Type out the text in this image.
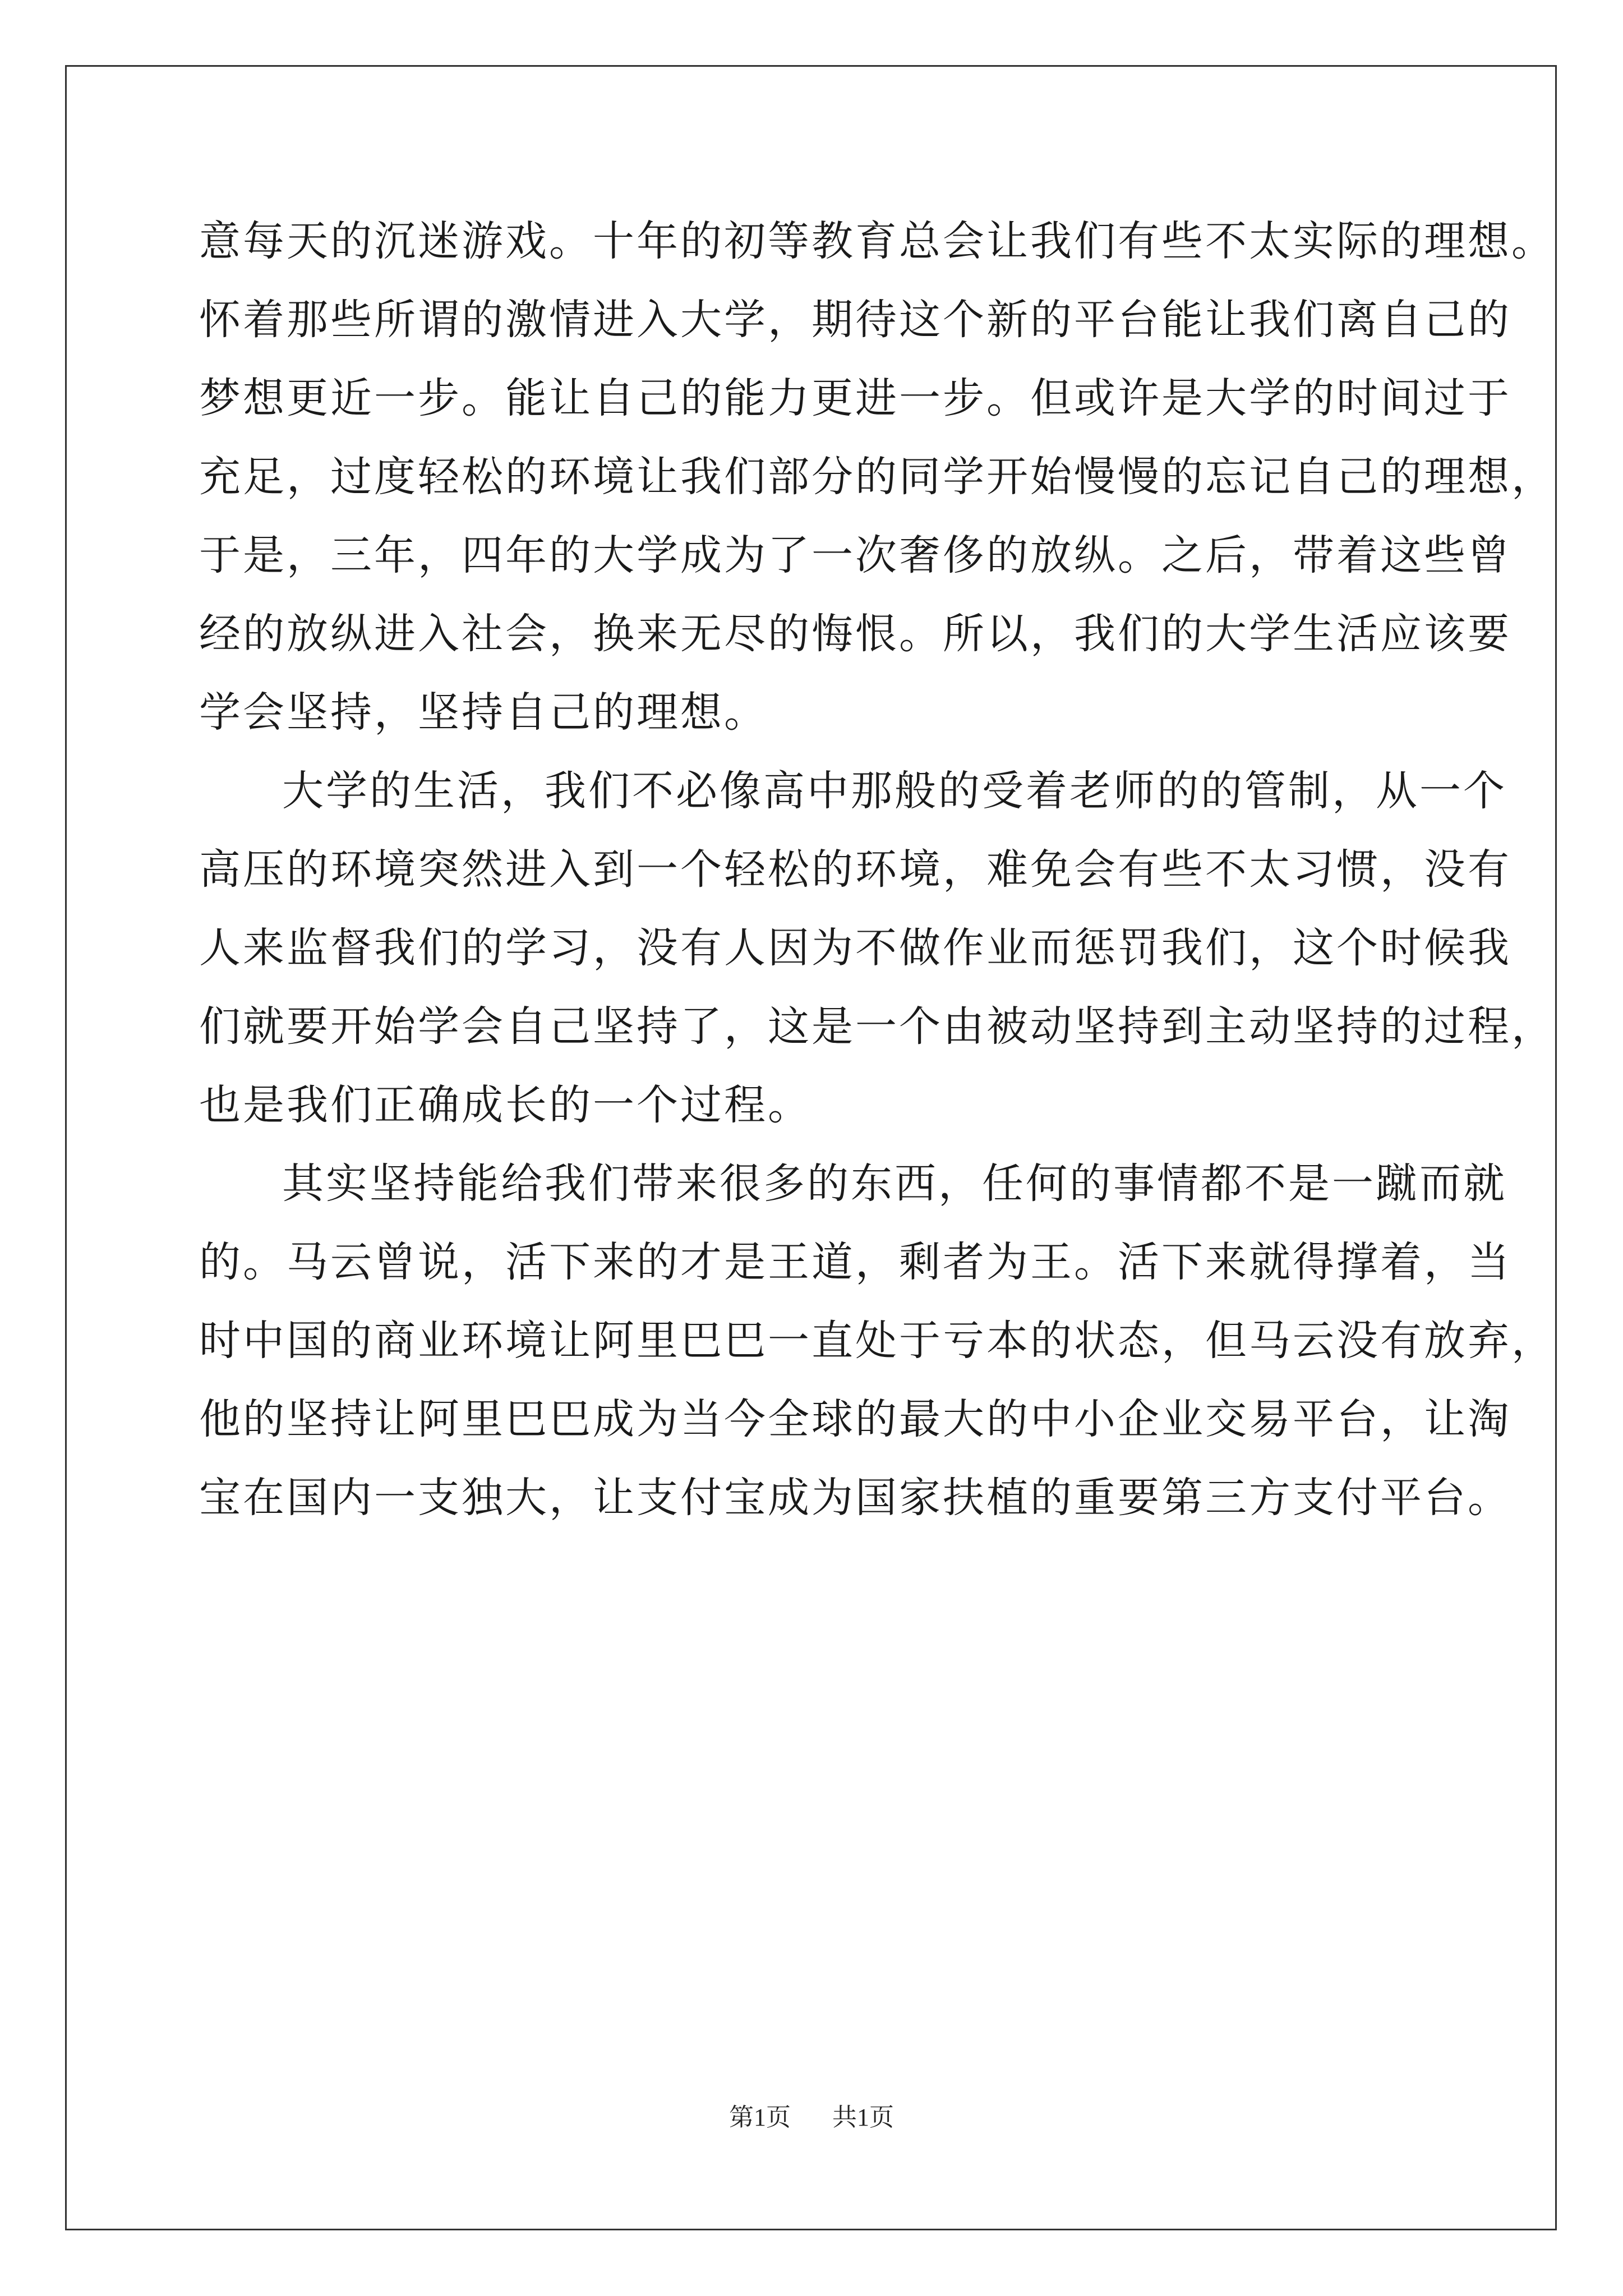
意每天的沉迷游戏。十年的初等教育总会让我们有些不太实际的理想。
怀着那些所谓的激情进入大学，期待这个新的平台能让我们离自己的
梦想更近一步。能让自己的能力更进一步。但或许是大学的时间过于
充足，过度轻松的环境让我们部分的同学开始慢慢的忘记自己的理想，
于是，三年，四年的大学成为了一次奢侈的放纵。之后，带着这些曾
经的放纵进入社会，换来无尽的悔恨。所以，我们的大学生活应该要
学会坚持，坚持自己的理想。
大学的生活，我们不必像高中那般的受着老师的的管制，从一个
高压的环境突然进入到一个轻松的环境，难免会有些不太习惯，没有
人来监督我们的学习，没有人因为不做作业而惩罚我们，这个时候我
们就要开始学会自己坚持了，这是一个由被动坚持到主动坚持的过程，
也是我们正确成长的一个过程。
其实坚持能给我们带来很多的东西，任何的事情都不是一蹴而就
的。马云曾说，活下来的才是王道，剩者为王。活下来就得撑着，当
时中国的商业环境让阿里巴巴一直处于亏本的状态，但马云没有放弃，
他的坚持让阿里巴巴成为当今全球的最大的中小企业交易平台，让淘
宝在国内一支独大，让支付宝成为国家扶植的重要第三方支付平台。
第1页 共1页
